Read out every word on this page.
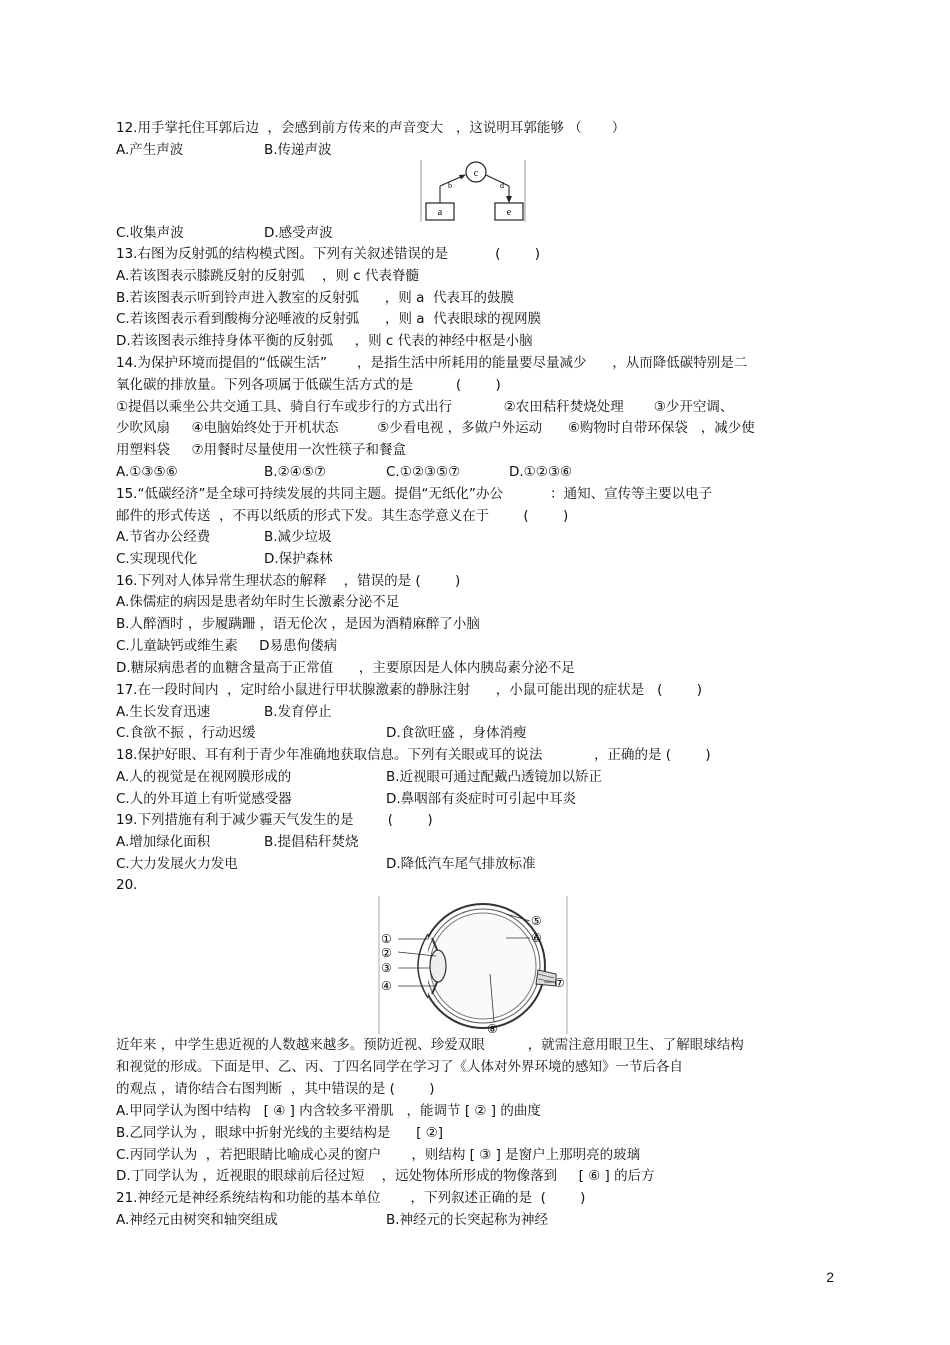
12.用手掌托住耳郭后边  ，会感到前方传来的声音变大   ，这说明耳郭能够 （       ）
A.产生声波	B.传递声波
c
a	e
b	d
C.收集声波	D.感受声波
13.右图为反射弧的结构模式图。下列有关叙述错误的是           (        )
A.若该图表示膝跳反射的反射弧    ，则 c 代表脊髓
B.若该图表示听到铃声进入教室的反射弧      ，则 a  代表耳的鼓膜
C.若该图表示看到酸梅分泌唾液的反射弧      ，则 a  代表眼球的视网膜
D.若该图表示维持身体平衡的反射弧     ，则 c 代表的神经中枢是小脑
14.为保护环境而提倡的“低碳生活”       ，是指生活中所耗用的能量要尽量减少      ，从而降低碳特别是二
氧化碳的排放量。下列各项属于低碳生活方式的是          (        )
①提倡以乘坐公共交通工具、骑自行车或步行的方式出行            ②农田秸秆焚烧处理       ③少开空调、
少吹风扇     ④电脑始终处于开机状态         ⑤少看电视 ，多做户外运动      ⑥购物时自带环保袋   ，减少使
用塑料袋     ⑦用餐时尽量使用一次性筷子和餐盒
A.①③⑤⑥	B.②④⑤⑦	C.①②③⑤⑦	D.①②③⑥
15.“低碳经济”是全球可持续发展的共同主题。提倡“无纸化”办公           ：通知、宣传等主要以电子
邮件的形式传送  ，不再以纸质的形式下发。其生态学意义在于        (        )
A.节省办公经费	B.减少垃圾
C.实现现代化	D.保护森林
16.下列对人体异常生理状态的解释    ，错误的是 (        )
A.侏儒症的病因是患者幼年时生长激素分泌不足
B.人醉酒时 ，步履蹒跚 ，语无伦次 ，是因为酒精麻醉了小脑
C.儿童缺钙或维生素     D易患佝偻病
D.糖尿病患者的血糖含量高于正常值      ，主要原因是人体内胰岛素分泌不足
17.在一段时间内  ，定时给小鼠进行甲状腺激素的静脉注射      ，小鼠可能出现的症状是   (        )
A.生长发育迅速	B.发育停止
C.食欲不振 ，行动迟缓	D.食欲旺盛 ，身体消瘦
18.保护好眼、耳有利于青少年准确地获取信息。下列有关眼或耳的说法            ，正确的是 (        )
A.人的视觉是在视网膜形成的	B.近视眼可通过配戴凸透镜加以矫正
C.人的外耳道上有听觉感受器	D.鼻咽部有炎症时可引起中耳炎
19.下列措施有利于减少霾天气发生的是        (        )
A.增加绿化面积	B.提倡秸秆焚烧
C.大力发展火力发电	D.降低汽车尾气排放标准
20．
①
②
③
④
⑤
⑥
⑦
⑧
近年来 ，中学生患近视的人数越来越多。预防近视、珍爱双眼          ，就需注意用眼卫生、了解眼球结构
和视觉的形成。下面是甲、乙、丙、丁四名同学在学习了《人体对外界环境的感知》一节后各自
的观点 ，请你结合右图判断  ，其中错误的是 (        )
A.甲同学认为图中结构   [ ④ ] 内含较多平滑肌   ，能调节 [ ② ] 的曲度
B.乙同学认为 ，眼球中折射光线的主要结构是      [ ②]
C.丙同学认为  ，若把眼睛比喻成心灵的窗户       ，则结构 [ ③ ] 是窗户上那明亮的玻璃
D.丁同学认为 ，近视眼的眼球前后径过短    ，远处物体所形成的物像落到     [ ⑥ ] 的后方
21.神经元是神经系统结构和功能的基本单位       ，下列叙述正确的是  (        )
A.神经元由树突和轴突组成	B.神经元的长突起称为神经
2
